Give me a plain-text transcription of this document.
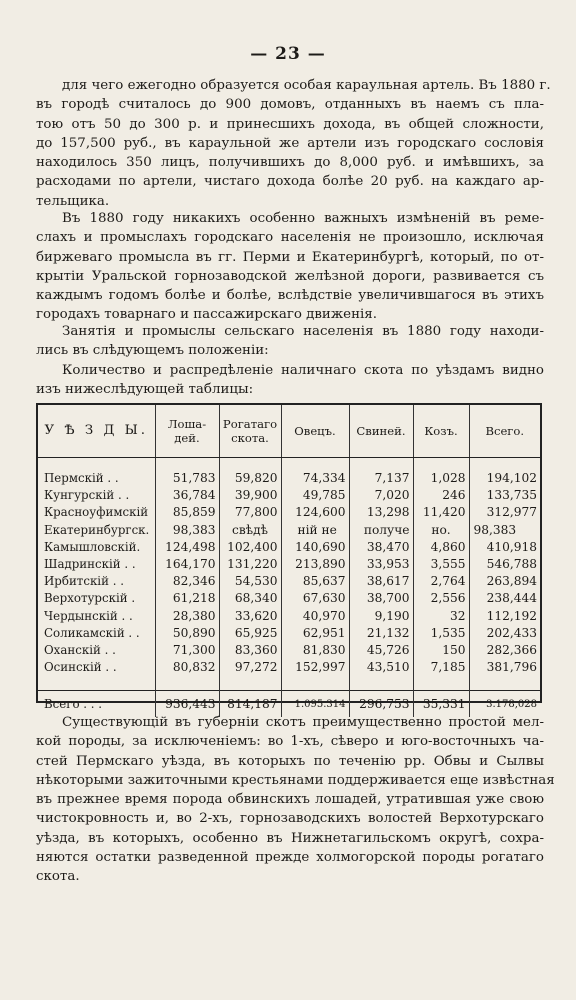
— 23 —
для чего ежегодно образуется особая караульная артель. Въ 1880 г.
въ городѣ считалось до 900 домовъ, отданныхъ въ наемъ съ пла-
тою отъ 50 до 300 р. и принесшихъ дохода, въ общей сложности,
до 157,500 руб., въ караульной же артели изъ городскаго сословія
находилось 350 лицъ, получившихъ до 8,000 руб. и имѣвшихъ, за
расходами по артели, чистаго дохода болѣе 20 руб. на каждаго ар-
тельщика.
Въ 1880 году никакихъ особенно важныхъ измѣненій въ реме-
слахъ и промыслахъ городскаго населенія не произошло, исключая
биржеваго промысла въ гг. Перми и Екатеринбургѣ, который, по от-
крытіи Уральской горнозаводской желѣзной дороги, развивается съ
каждымъ годомъ болѣе и болѣе, вслѣдствіе увеличившагося въ этихъ
городахъ товарнаго и пассажирскаго движенія.
Занятія и промыслы сельскаго населенія въ 1880 году находи-
лись въ слѣдующемъ положеніи:
Количество и распредѣленіе наличнаго скота по уѣздамъ видно
изъ нижеслѣдующей таблицы:
У Ѣ З Д Ы.	Лоша-дей.	Рогатаго скота.	Овецъ.	Свиней.	Козъ.	Всего.

Пермскій . .	51,783	59,820	74,334	7,137	1,028	194,102
Кунгурскій . .	36,784	39,900	49,785	7,020	246	133,735
Красноуфимскій	85,859	77,800	124,600	13,298	11,420	312,977
Екатеринбургск.	98,383	свѣдѣ	ній не	получе	но.	98,383
Камышловскій.	124,498	102,400	140,690	38,470	4,860	410,918
Шадринскій . .	164,170	131,220	213,890	33,953	3,555	546,788
Ирбитскій . .	82,346	54,530	85,637	38,617	2,764	263,894
Верхотурскій .	61,218	68,340	67,630	38,700	2,556	238,444
Чердынскій . .	28,380	33,620	40,970	9,190	32	112,192
Соликамскій . .	50,890	65,925	62,951	21,132	1,535	202,433
Оханскій . .	71,300	83,360	81,830	45,726	150	282,366
Осинскій . .	80,832	97,272	152,997	43,510	7,185	381,796

Всего . . .	936,443	814,187	1.095.314	296,753	35,331	3.178,028
Существующій въ губерніи скотъ преимущественно простой мел-
кой породы, за исключеніемъ: во 1-хъ, сѣверо и юго-восточныхъ ча-
стей Пермскаго уѣзда, въ которыхъ по теченію рр. Обвы и Сылвы
нѣкоторыми зажиточными крестьянами поддерживается еще извѣстная
въ прежнее время порода обвинскихъ лошадей, утратившая уже свою
чистокровность и, во 2-хъ, горнозаводскихъ волостей Верхотурскаго
уѣзда, въ которыхъ, особенно въ Нижнетагильскомъ округѣ, сохра-
няются остатки разведенной прежде холмогорской породы рогатаго
скота.
